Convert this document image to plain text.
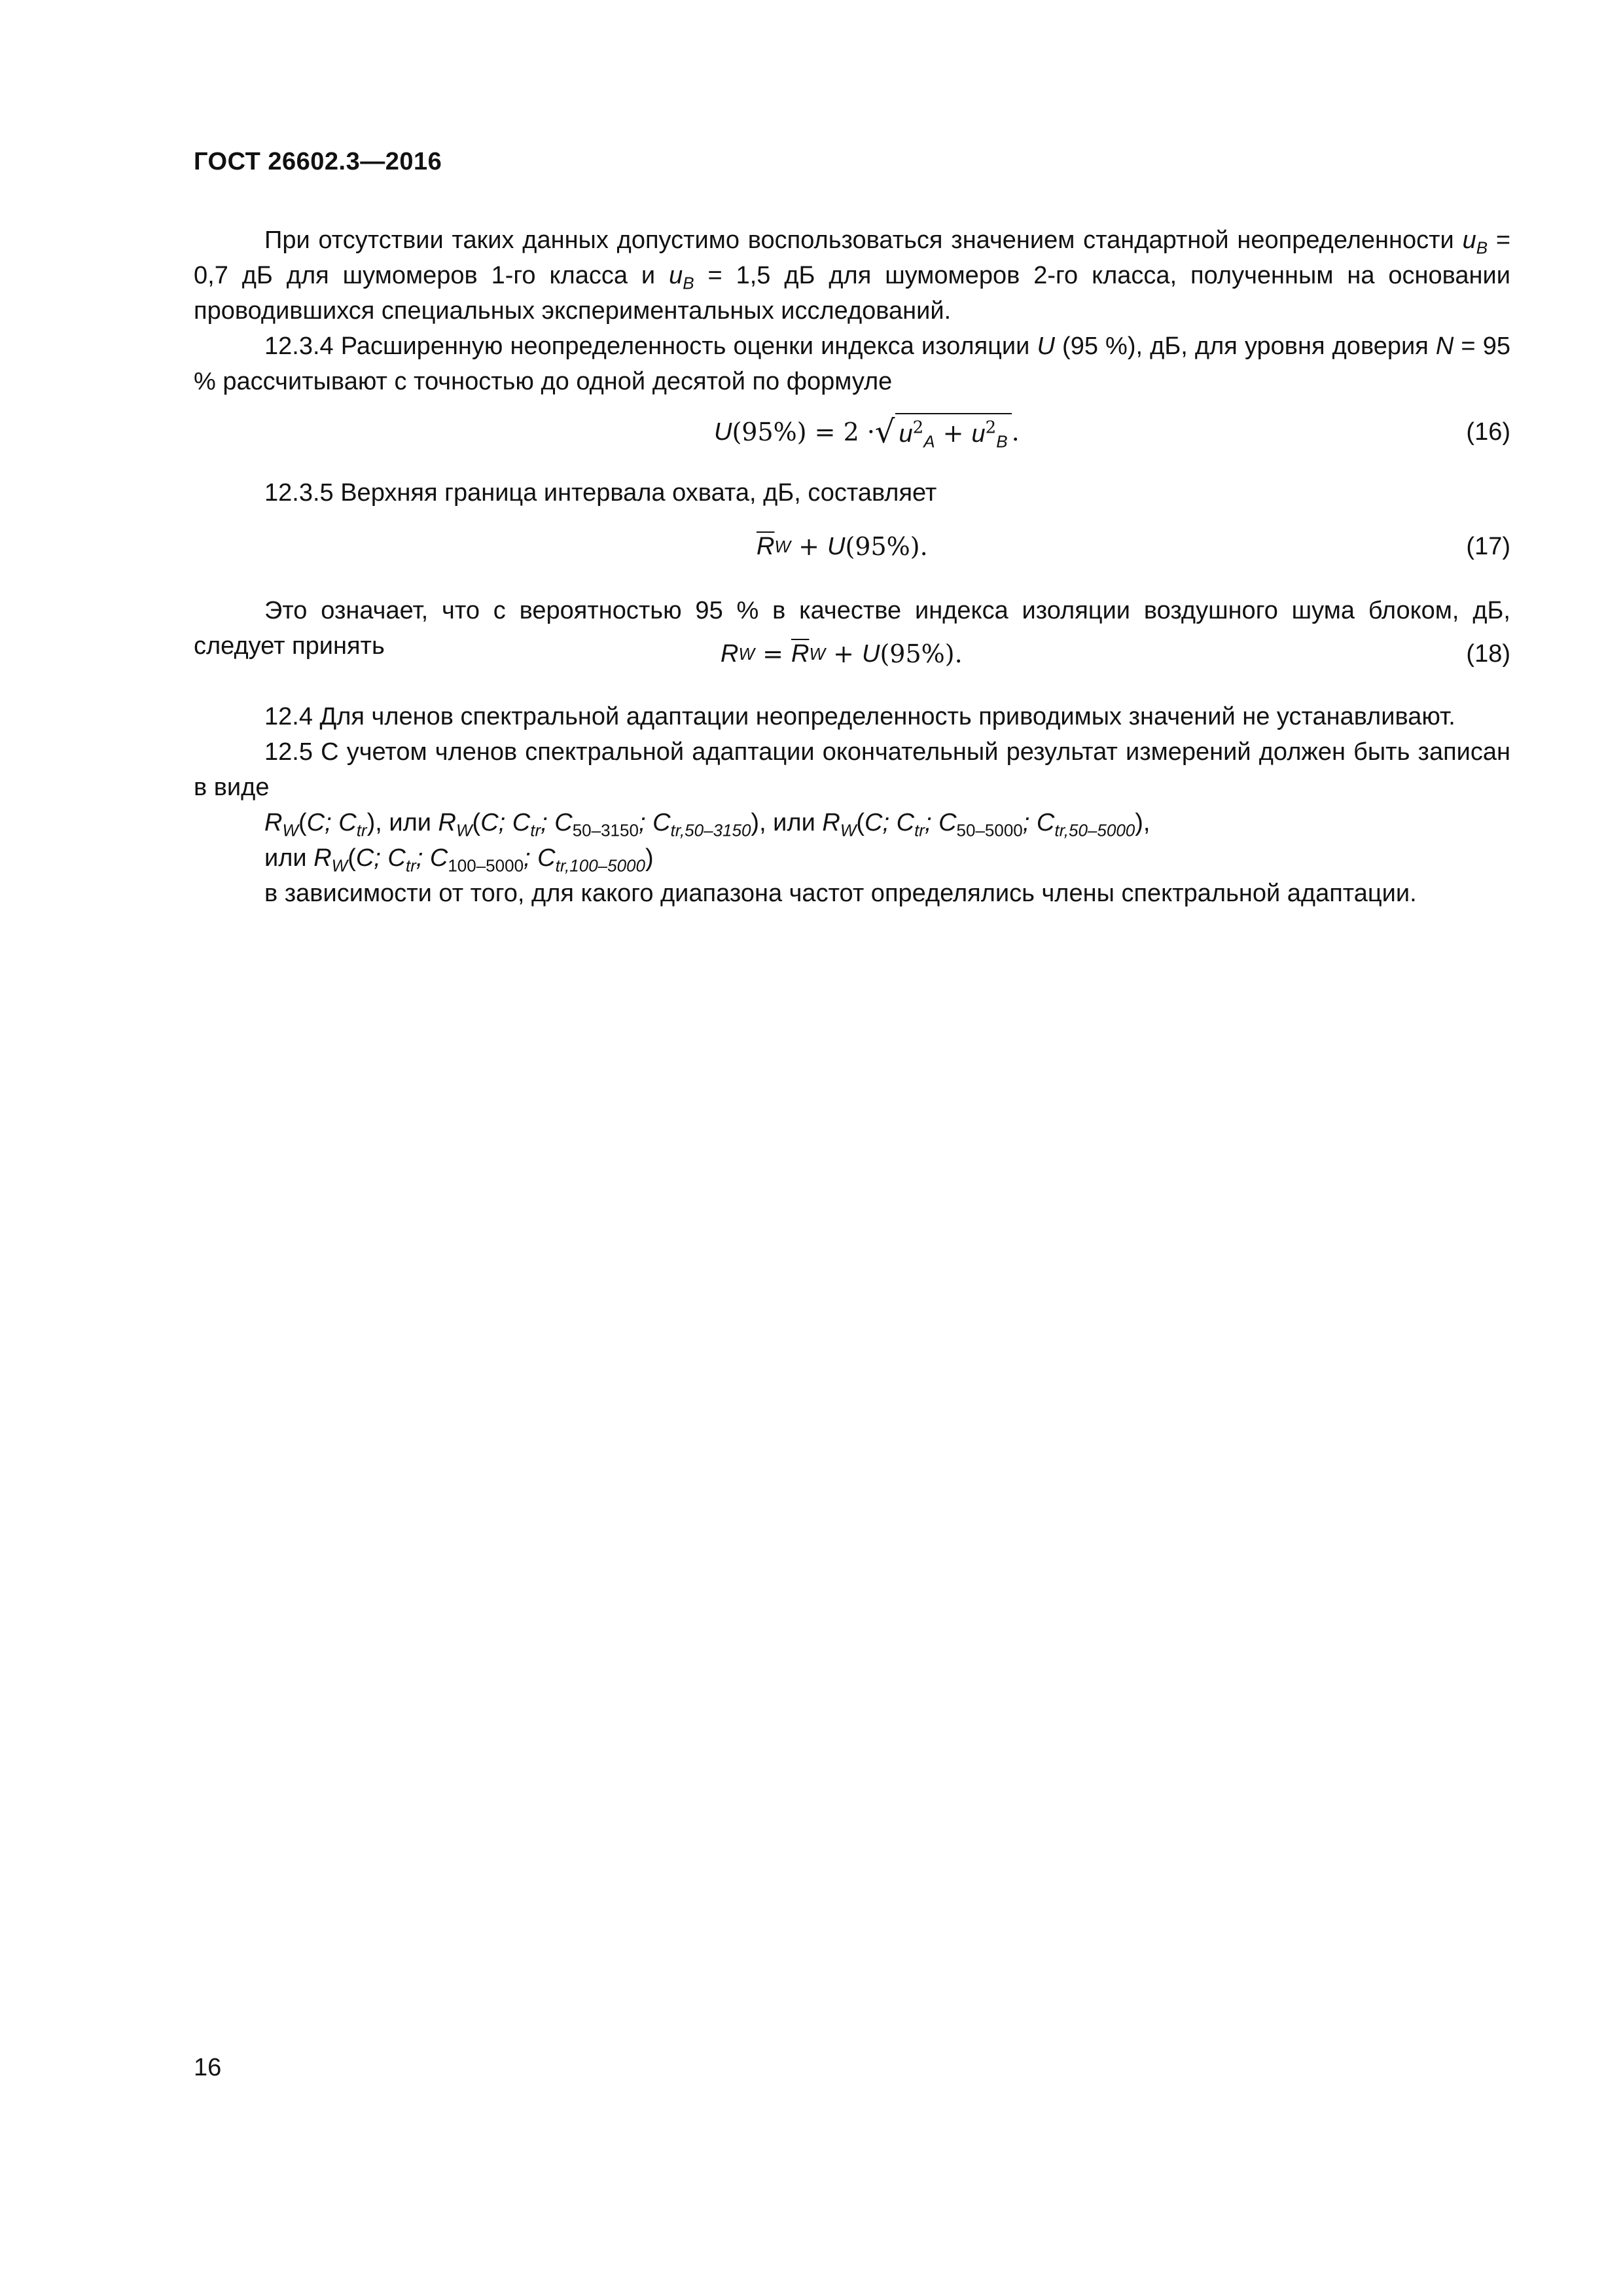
ГОСТ 26602.3—2016

При отсутствии таких данных допустимо воспользоваться значением стандартной неопределенности $u_B = 0,7$ дБ для шумомеров 1-го класса и $u_B = 1,5$ дБ для шумомеров 2-го класса, полученным на основании проводившихся специальных экспериментальных исследований.

12.3.4 Расширенную неопределенность оценки индекса изоляции U (95 %), дБ, для уровня доверия N = 95 % рассчитывают с точностью до одной десятой по формуле

U (95%) = 2 · √ $u^2_A + u^2_B$ .	(16)

12.3.5 Верхняя граница интервала охвата, дБ, составляет

$\overline{R}$ W + U (95%).	(17)

Это означает, что с вероятностью 95 % в качестве индекса изоляции воздушного шума блоком, дБ, следует принять	R $W = \overline{R}$ W + U (95%).	(18)

12.4 Для членов спектральной адаптации неопределенность приводимых значений не устанавливают.

12.5 С учетом членов спектральной адаптации окончательный результат измерений должен быть записан в виде

$R_W(C$; $C_{tr}$), или $R_W(C$; $C_{tr}$; $C_{50-3150}$; $C_{tr,50-3150}$), или $R_W(C$; $C_{tr}$; $C_{50-5000}$; $C_{tr,50-5000}$),
или $R_W(C$; $C_{tr}$; $C_{100-5000}$; $C_{tr,100-5000}$)

в зависимости от того, для какого диапазона частот определялись члены спектральной адаптации.

16
